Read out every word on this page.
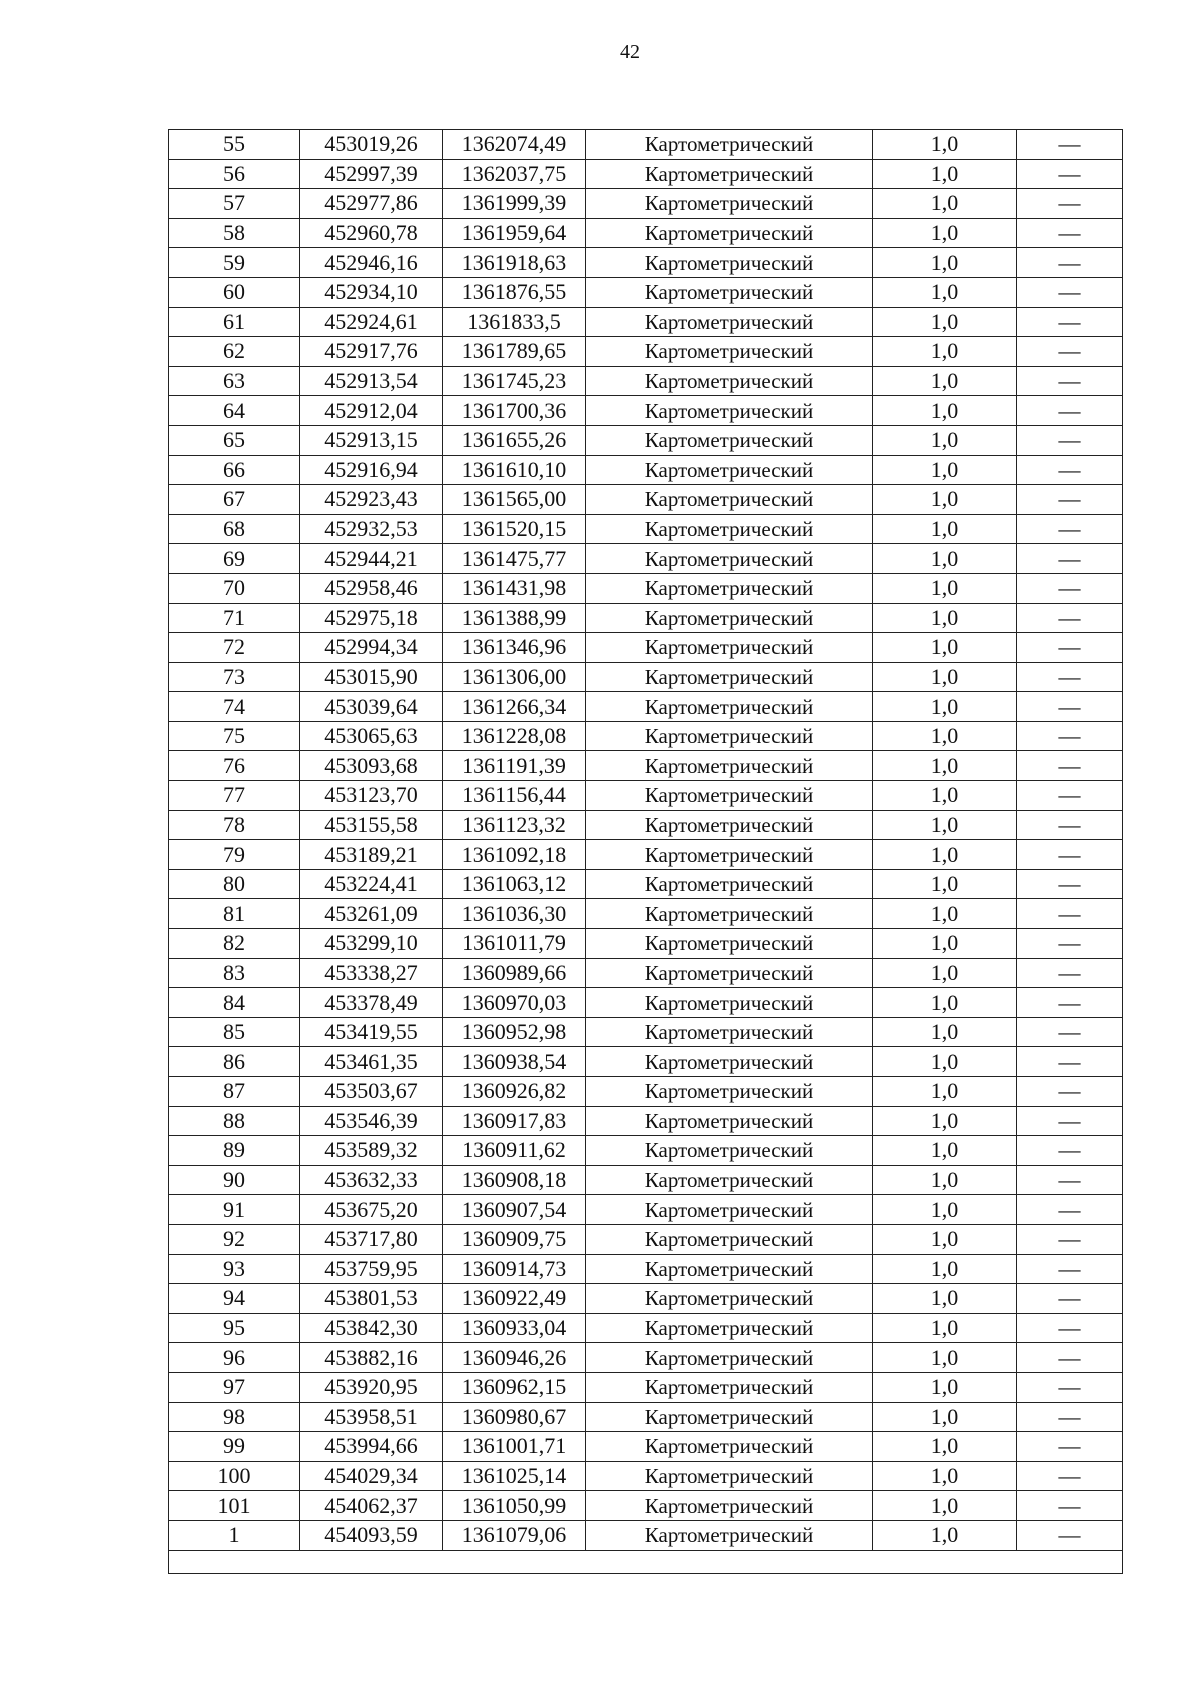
42
55	453019,26	1362074,49	Картометрический	1,0	—
56	452997,39	1362037,75	Картометрический	1,0	—
57	452977,86	1361999,39	Картометрический	1,0	—
58	452960,78	1361959,64	Картометрический	1,0	—
59	452946,16	1361918,63	Картометрический	1,0	—
60	452934,10	1361876,55	Картометрический	1,0	—
61	452924,61	1361833,5	Картометрический	1,0	—
62	452917,76	1361789,65	Картометрический	1,0	—
63	452913,54	1361745,23	Картометрический	1,0	—
64	452912,04	1361700,36	Картометрический	1,0	—
65	452913,15	1361655,26	Картометрический	1,0	—
66	452916,94	1361610,10	Картометрический	1,0	—
67	452923,43	1361565,00	Картометрический	1,0	—
68	452932,53	1361520,15	Картометрический	1,0	—
69	452944,21	1361475,77	Картометрический	1,0	—
70	452958,46	1361431,98	Картометрический	1,0	—
71	452975,18	1361388,99	Картометрический	1,0	—
72	452994,34	1361346,96	Картометрический	1,0	—
73	453015,90	1361306,00	Картометрический	1,0	—
74	453039,64	1361266,34	Картометрический	1,0	—
75	453065,63	1361228,08	Картометрический	1,0	—
76	453093,68	1361191,39	Картометрический	1,0	—
77	453123,70	1361156,44	Картометрический	1,0	—
78	453155,58	1361123,32	Картометрический	1,0	—
79	453189,21	1361092,18	Картометрический	1,0	—
80	453224,41	1361063,12	Картометрический	1,0	—
81	453261,09	1361036,30	Картометрический	1,0	—
82	453299,10	1361011,79	Картометрический	1,0	—
83	453338,27	1360989,66	Картометрический	1,0	—
84	453378,49	1360970,03	Картометрический	1,0	—
85	453419,55	1360952,98	Картометрический	1,0	—
86	453461,35	1360938,54	Картометрический	1,0	—
87	453503,67	1360926,82	Картометрический	1,0	—
88	453546,39	1360917,83	Картометрический	1,0	—
89	453589,32	1360911,62	Картометрический	1,0	—
90	453632,33	1360908,18	Картометрический	1,0	—
91	453675,20	1360907,54	Картометрический	1,0	—
92	453717,80	1360909,75	Картометрический	1,0	—
93	453759,95	1360914,73	Картометрический	1,0	—
94	453801,53	1360922,49	Картометрический	1,0	—
95	453842,30	1360933,04	Картометрический	1,0	—
96	453882,16	1360946,26	Картометрический	1,0	—
97	453920,95	1360962,15	Картометрический	1,0	—
98	453958,51	1360980,67	Картометрический	1,0	—
99	453994,66	1361001,71	Картометрический	1,0	—
100	454029,34	1361025,14	Картометрический	1,0	—
101	454062,37	1361050,99	Картометрический	1,0	—
1	454093,59	1361079,06	Картометрический	1,0	—
